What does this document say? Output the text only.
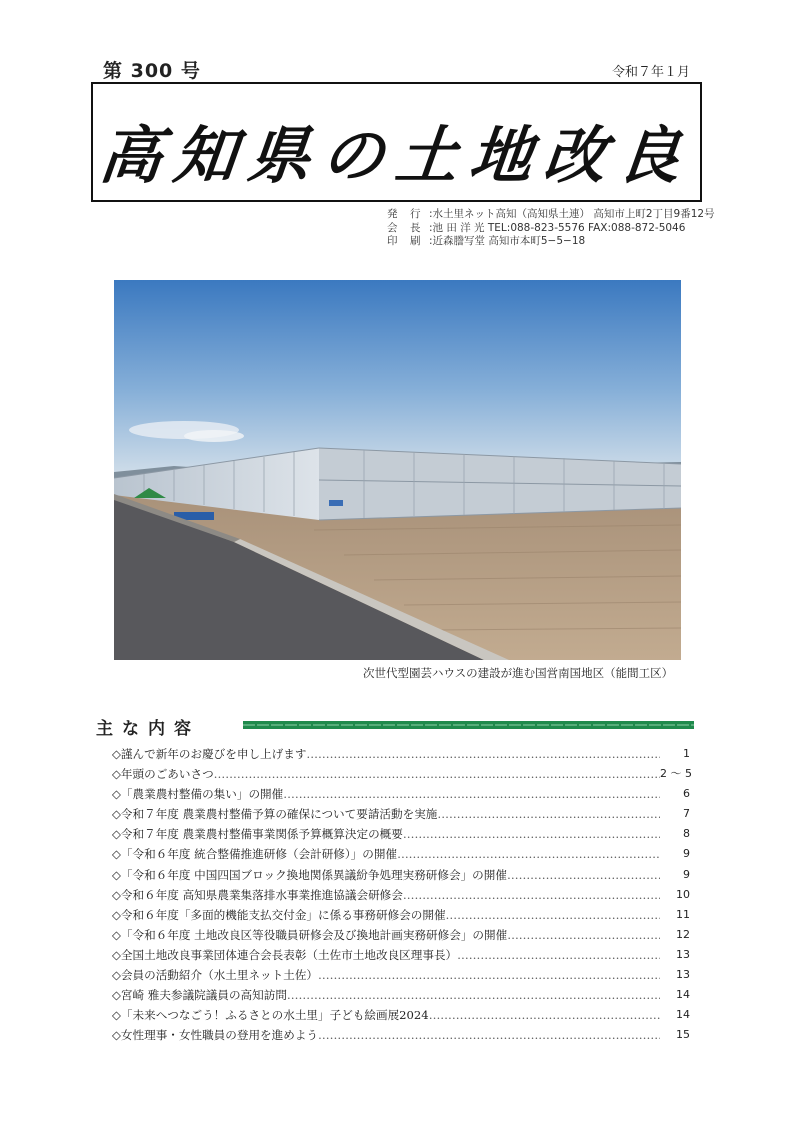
第 300 号	令和７年１月
高知県の土地改良
発　行 :水土里ネット高知（高知県土連） 高知市上町2丁目9番12号
会　長 :池 田 洋 光 TEL:088-823-5576 FAX:088-872-5046
印　刷 :近森謄写堂 高知市本町5−5−18
次世代型園芸ハウスの建設が進む国営南国地区（能間工区）
主な内容
◇謹んで新年のお慶びを申し上げます …………………………………………………………………………………………………………………………………	1
◇年頭のごあいさつ …………………………………………………………………………………………………………………………………	2 ～ 5
◇「農業農村整備の集い」の開催 …………………………………………………………………………………………………………………………………	6
◇令和７年度 農業農村整備予算の確保について要請活動を実施 …………………………………………………………………………………………………………………………………	7
◇令和７年度 農業農村整備事業関係予算概算決定の概要 …………………………………………………………………………………………………………………………………	8
◇「令和６年度 統合整備推進研修（会計研修）」の開催 …………………………………………………………………………………………………………………………………	9
◇「令和６年度 中国四国ブロック換地関係異議紛争処理実務研修会」の開催 …………………………………………………………………………………………………………………………………	9
◇令和６年度 高知県農業集落排水事業推進協議会研修会 …………………………………………………………………………………………………………………………………	10
◇令和６年度「多面的機能支払交付金」に係る事務研修会の開催 …………………………………………………………………………………………………………………………………	11
◇「令和６年度 土地改良区等役職員研修会及び換地計画実務研修会」の開催 …………………………………………………………………………………………………………………………………	12
◇全国土地改良事業団体連合会長表彰（土佐市土地改良区理事長） …………………………………………………………………………………………………………………………………	13
◇会員の活動紹介（水土里ネット土佐） …………………………………………………………………………………………………………………………………	13
◇宮崎 雅夫参議院議員の高知訪問 …………………………………………………………………………………………………………………………………	14
◇「未来へつなごう！ふるさとの水土里」子ども絵画展2024 …………………………………………………………………………………………………………………………………	14
◇女性理事・女性職員の登用を進めよう …………………………………………………………………………………………………………………………………	15
